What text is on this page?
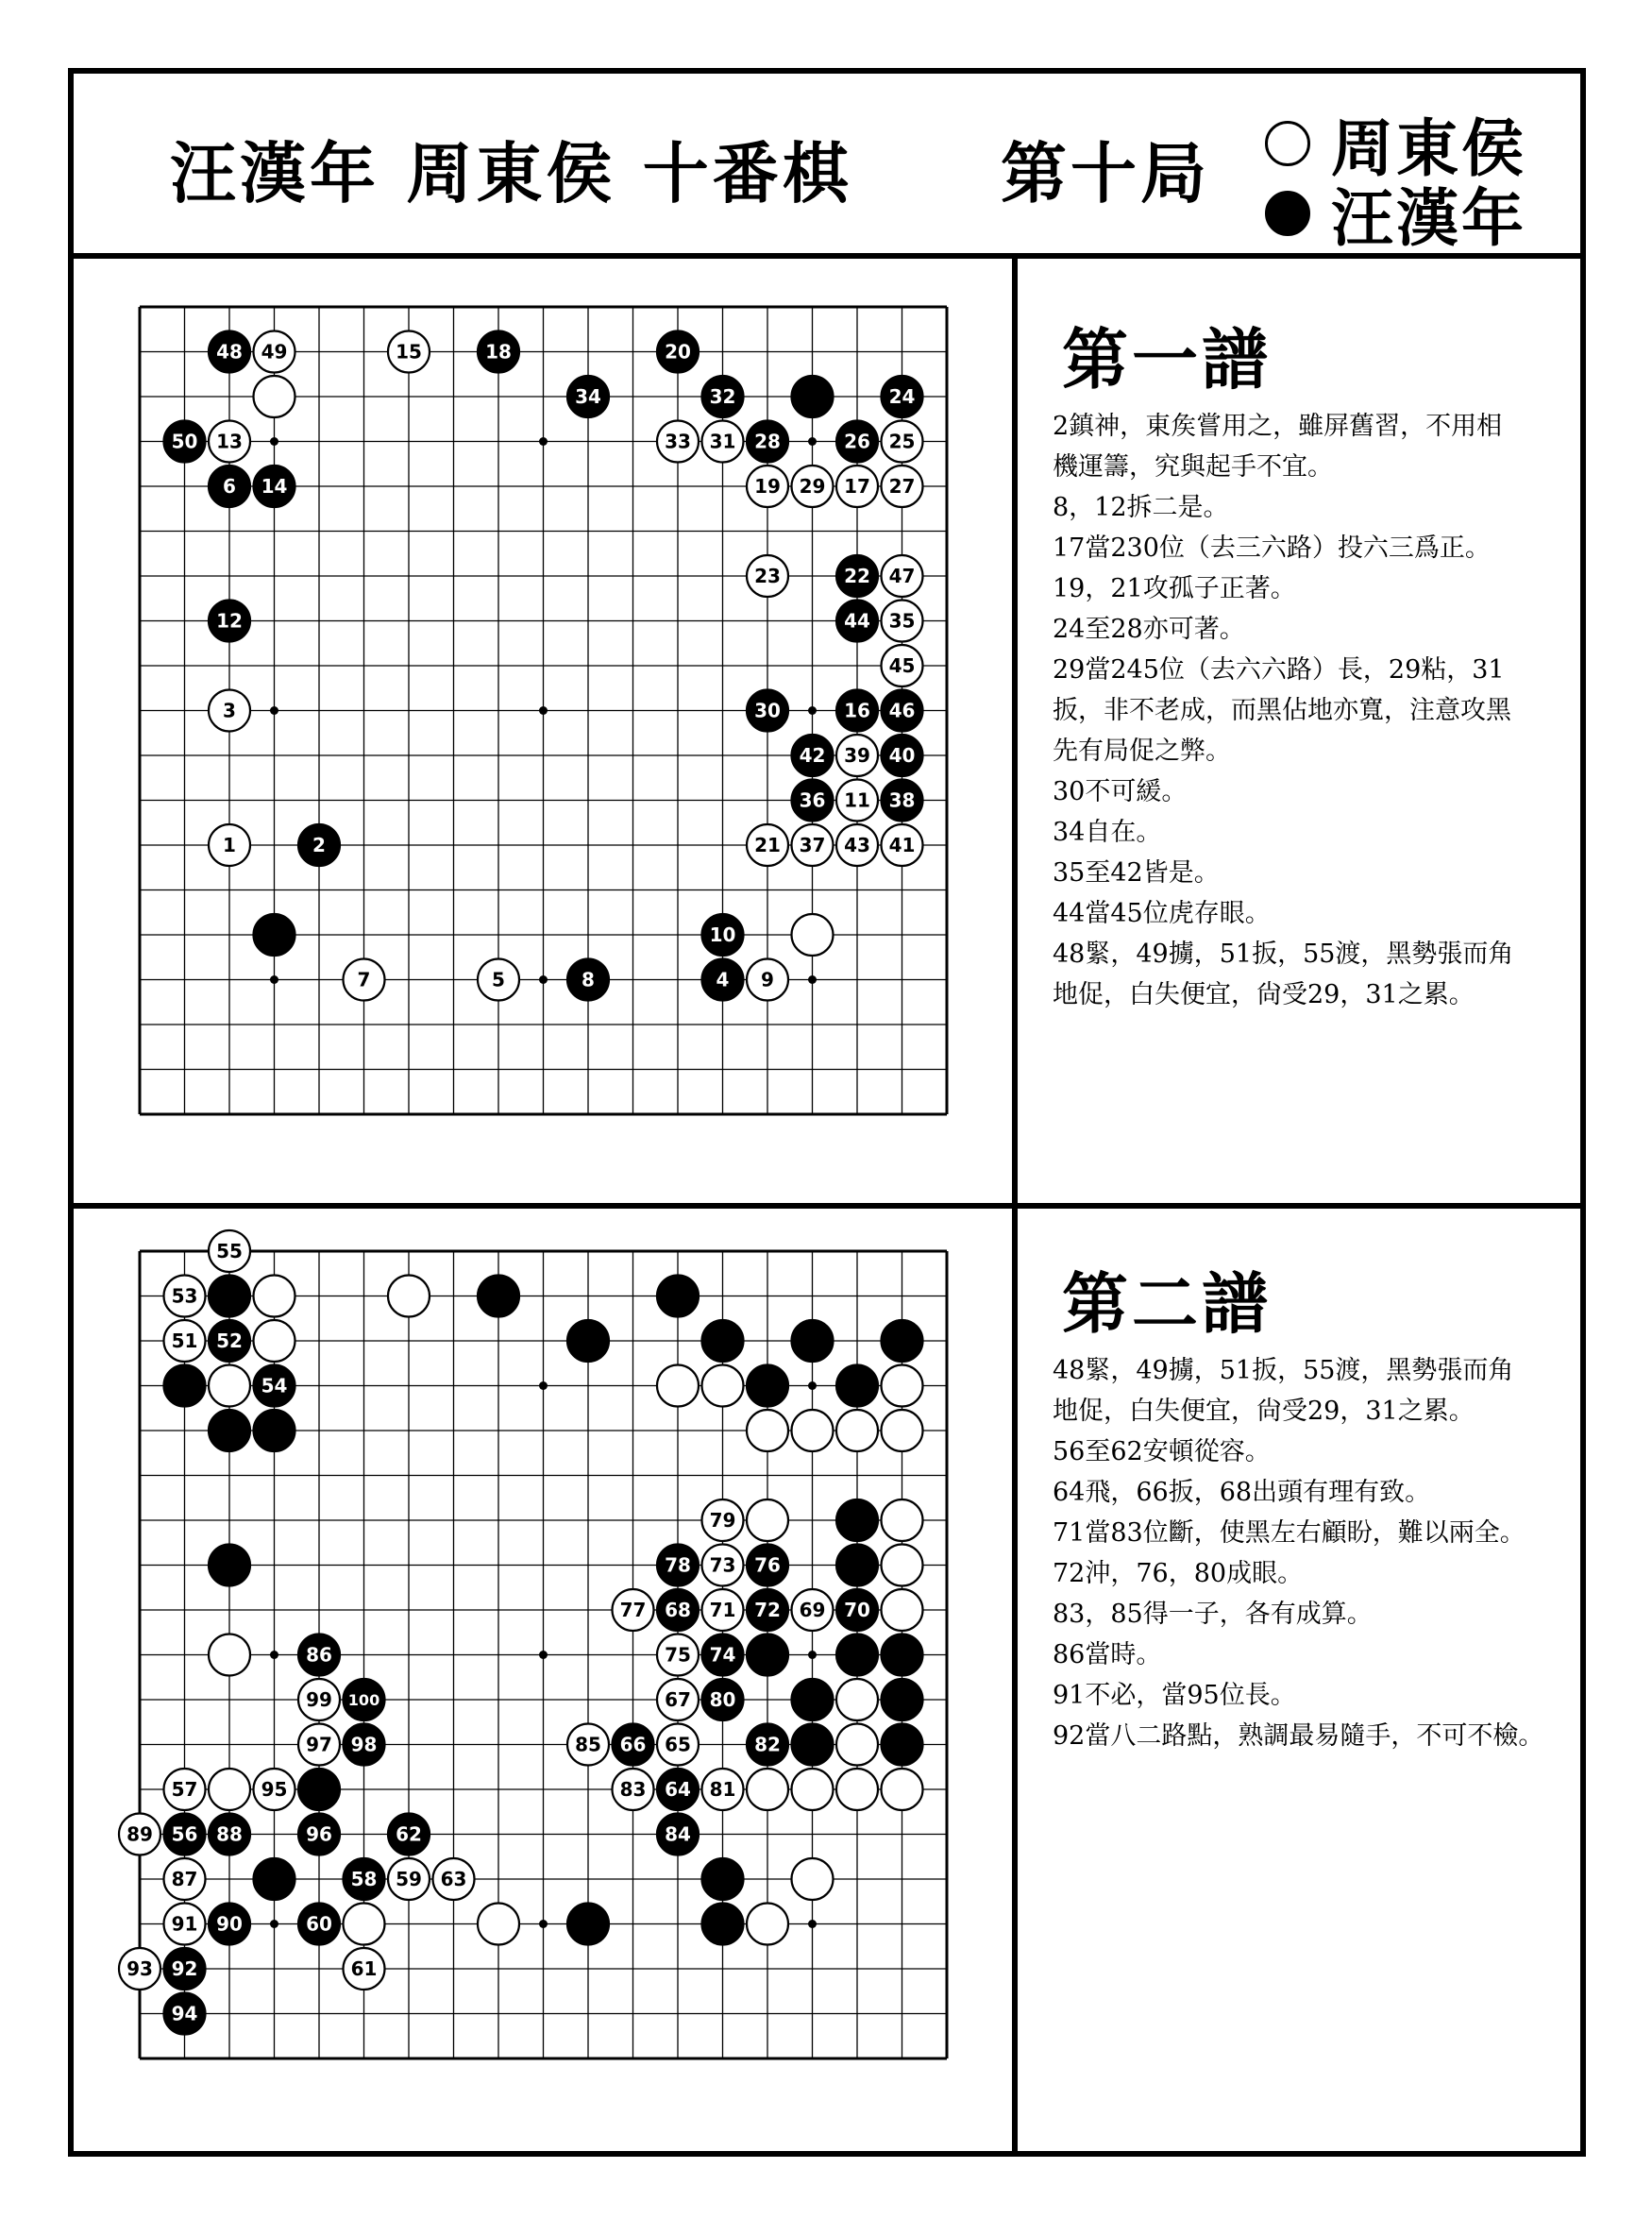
汪漢年 周東侯 十番棋 第十局 周東侯
汪漢年
48 49	15	18	20
34	32	24
50 13	33 31 28	26 25
6 14	19 29 17 27
23	22 47
12	44 35
45
3	30	16 46
42 39 40
36 11 38
1	2	21 37 43 41
10
7	5	8	4 9
55
53
51 52
54
79
78 73 76
77 68 71 72 69 70
86	75 74
99 100	67 80
97 98	85 66 65	82
57	95	83 64 81
89 56 88	96	62	84
87	58 59 63
91 90	60
93 92	61
94
第一譜
2鎮神，東矦嘗用之，雖屏舊習，不用相
機運籌，究與起手不宜。
8，12拆二是。
17當230位（去三六路）投六三爲正。
19，21攻孤子正著。
24至28亦可著。
29當245位（去六六路）長，29粘，31
扳，非不老成，而黑佔地亦寬，注意攻黑
先有局促之弊。
30不可緩。
34自在。
35至42皆是。
44當45位虎存眼。
48緊，49擄，51扳，55渡，黑勢張而角
地促，白失便宜，尙受29，31之累。
第二譜
48緊，49擄，51扳，55渡，黑勢張而角
地促，白失便宜，尙受29，31之累。
56至62安頓從容。
64飛，66扳，68出頭有理有致。
71當83位斷，使黑左右顧盼，難以兩全。
72沖，76，80成眼。
83，85得一子，各有成算。
86當時。
91不必，當95位長。
92當八二路點，熟調最易隨手，不可不檢。
